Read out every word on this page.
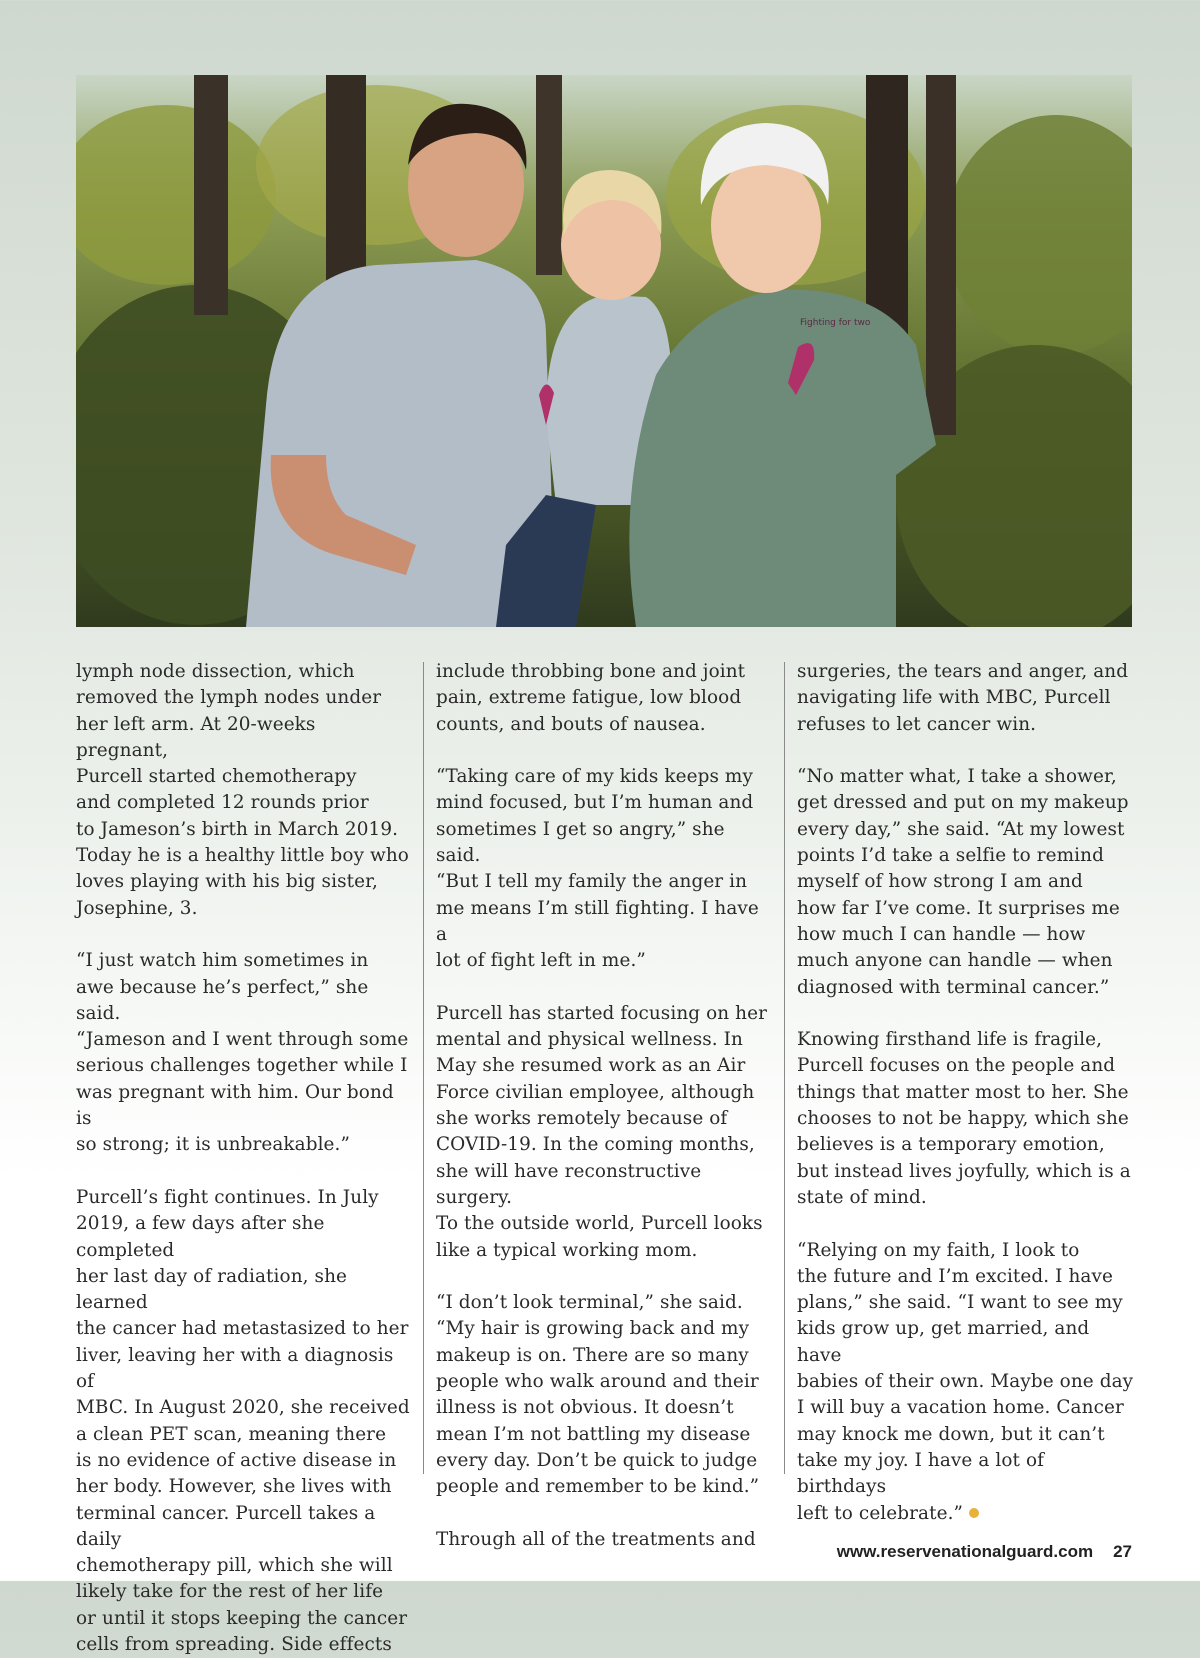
Fighting for two

lymph node dissection, which
removed the lymph nodes under
her left arm. At 20-weeks pregnant,
Purcell started chemotherapy
and completed 12 rounds prior
to Jameson’s birth in March 2019.
Today he is a healthy little boy who
loves playing with his big sister,
Josephine, 3.

“I just watch him sometimes in
awe because he’s perfect,” she said.
“Jameson and I went through some
serious challenges together while I
was pregnant with him. Our bond is
so strong; it is unbreakable.”

Purcell’s fight continues. In July
2019, a few days after she completed
her last day of radiation, she learned
the cancer had metastasized to her
liver, leaving her with a diagnosis of
MBC. In August 2020, she received
a clean PET scan, meaning there
is no evidence of active disease in
her body. However, she lives with
terminal cancer. Purcell takes a daily
chemotherapy pill, which she will
likely take for the rest of her life
or until it stops keeping the cancer
cells from spreading. Side effects

include throbbing bone and joint
pain, extreme fatigue, low blood
counts, and bouts of nausea.

“Taking care of my kids keeps my
mind focused, but I’m human and
sometimes I get so angry,” she said.
“But I tell my family the anger in
me means I’m still fighting. I have a
lot of fight left in me.”

Purcell has started focusing on her
mental and physical wellness. In
May she resumed work as an Air
Force civilian employee, although
she works remotely because of
COVID-19. In the coming months,
she will have reconstructive surgery.
To the outside world, Purcell looks
like a typical working mom.

“I don’t look terminal,” she said.
“My hair is growing back and my
makeup is on. There are so many
people who walk around and their
illness is not obvious. It doesn’t
mean I’m not battling my disease
every day. Don’t be quick to judge
people and remember to be kind.”

Through all of the treatments and

surgeries, the tears and anger, and
navigating life with MBC, Purcell
refuses to let cancer win.

“No matter what, I take a shower,
get dressed and put on my makeup
every day,” she said. “At my lowest
points I’d take a selfie to remind
myself of how strong I am and
how far I’ve come. It surprises me
how much I can handle — how
much anyone can handle — when
diagnosed with terminal cancer.”

Knowing firsthand life is fragile,
Purcell focuses on the people and
things that matter most to her. She
chooses to not be happy, which she
believes is a temporary emotion,
but instead lives joyfully, which is a
state of mind.

“Relying on my faith, I look to
the future and I’m excited. I have
plans,” she said. “I want to see my
kids grow up, get married, and have
babies of their own. Maybe one day
I will buy a vacation home. Cancer
may knock me down, but it can’t
take my joy. I have a lot of birthdays
left to celebrate.”

www.reservenationalguard.com 27
